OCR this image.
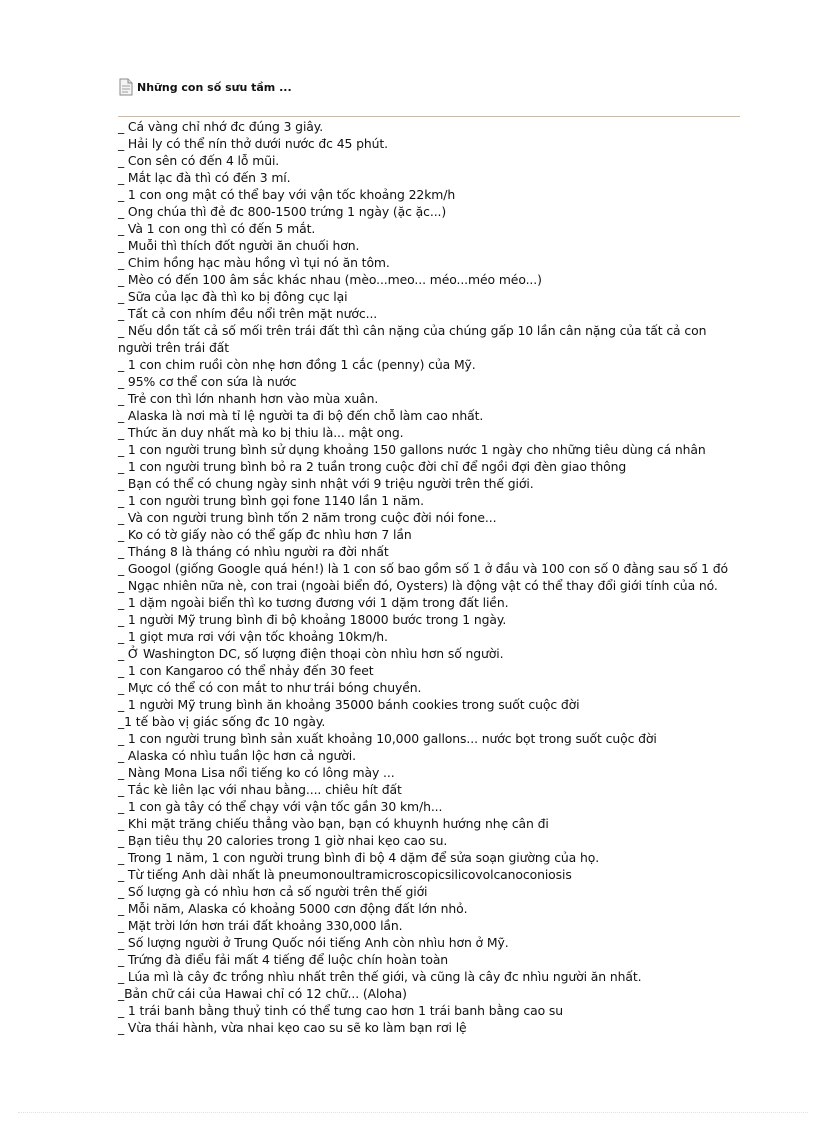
Những con số sưu tầm ...
_ Cá vàng chỉ nhớ đc đúng 3 giây.
_ Hải ly có thể nín thở dưới nước đc 45 phút.
_ Con sên có đến 4 lỗ mũi.
_ Mắt lạc đà thì có đến 3 mí.
_ 1 con ong mật có thể bay với vận tốc khoảng 22km/h
_ Ong chúa thì đẻ đc 800-1500 trứng 1 ngày (ặc ặc...)
_ Và 1 con ong thì có đến 5 mắt.
_ Muỗi thì thích đốt người ăn chuối hơn.
_ Chim hồng hạc màu hồng vì tụi nó ăn tôm.
_ Mèo có đến 100 âm sắc khác nhau (mèo...meo... méo...méo méo...)
_ Sữa của lạc đà thì ko bị đông cục lại
_ Tất cả con nhím đều nổi trên mặt nước...
_ Nếu dồn tất cả số mối trên trái đất thì cân nặng của chúng gấp 10 lần cân nặng của tất cả con người trên trái đất
_ 1 con chim ruồi còn nhẹ hơn đồng 1 cắc (penny) của Mỹ.
_ 95% cơ thể con sứa là nước
_ Trẻ con thì lớn nhanh hơn vào mùa xuân.
_ Alaska là nơi mà tỉ lệ người ta đi bộ đến chỗ làm cao nhất.
_ Thức ăn duy nhất mà ko bị thiu là... mật ong.
_ 1 con người trung bình sử dụng khoảng 150 gallons nước 1 ngày cho những tiêu dùng cá nhân
_ 1 con người trung bình bỏ ra 2 tuần trong cuộc đời chỉ để ngồi đợi đèn giao thông
_ Bạn có thể có chung ngày sinh nhật với 9 triệu người trên thế giới.
_ 1 con người trung bình gọi fone 1140 lần 1 năm.
_ Và con người trung bình tốn 2 năm trong cuộc đời nói fone...
_ Ko có tờ giấy nào có thể gấp đc nhìu hơn 7 lần
_ Tháng 8 là tháng có nhìu người ra đời nhất
_ Googol (giống Google quá hén!) là 1 con số bao gồm số 1 ở đầu và 100 con số 0 đằng sau số 1 đó
_ Ngạc nhiên nữa nè, con trai (ngoài biển đó, Oysters) là động vật có thể thay đổi giới tính của nó.
_ 1 dặm ngoài biển thì ko tương đương với 1 dặm trong đất liền.
_ 1 người Mỹ trung bình đi bộ khoảng 18000 bước trong 1 ngày.
_ 1 giọt mưa rơi với vận tốc khoảng 10km/h.
_ Ở Washington DC, số lượng điện thoại còn nhìu hơn số người.
_ 1 con Kangaroo có thể nhảy đến 30 feet
_ Mực có thể có con mắt to như trái bóng chuyền.
_ 1 người Mỹ trung bình ăn khoảng 35000 bánh cookies trong suốt cuộc đời
_1 tế bào vị giác sống đc 10 ngày.
_ 1 con người trung bình sản xuất khoảng 10,000 gallons... nước bọt trong suốt cuộc đời
_ Alaska có nhìu tuần lộc hơn cả người.
_ Nàng Mona Lisa nổi tiếng ko có lông mày ...
_ Tắc kè liên lạc với nhau bằng.... chiêu hít đất
_ 1 con gà tây có thể chạy với vận tốc gần 30 km/h...
_ Khi mặt trăng chiếu thẳng vào bạn, bạn có khuynh hướng nhẹ cân đi
_ Bạn tiêu thụ 20 calories trong 1 giờ nhai kẹo cao su.
_ Trong 1 năm, 1 con người trung bình đi bộ 4 dặm để sửa soạn giường của họ.
_ Từ tiếng Anh dài nhất là pneumonoultramicroscopicsilicovolcanoconiosis
_ Số lượng gà có nhìu hơn cả số người trên thế giới
_ Mỗi năm, Alaska có khoảng 5000 cơn động đất lớn nhỏ.
_ Mặt trời lớn hơn trái đất khoảng 330,000 lần.
_ Số lượng người ở Trung Quốc nói tiếng Anh còn nhìu hơn ở Mỹ.
_ Trứng đà điểu fải mất 4 tiếng để luộc chín hoàn toàn
_ Lúa mì là cây đc trồng nhìu nhất trên thế giới, và cũng là cây đc nhìu người ăn nhất.
_Bản chữ cái của Hawai chỉ có 12 chữ... (Aloha)
_ 1 trái banh bằng thuỷ tinh có thể tưng cao hơn 1 trái banh bằng cao su
_ Vừa thái hành, vừa nhai kẹo cao su sẽ ko làm bạn rơi lệ
